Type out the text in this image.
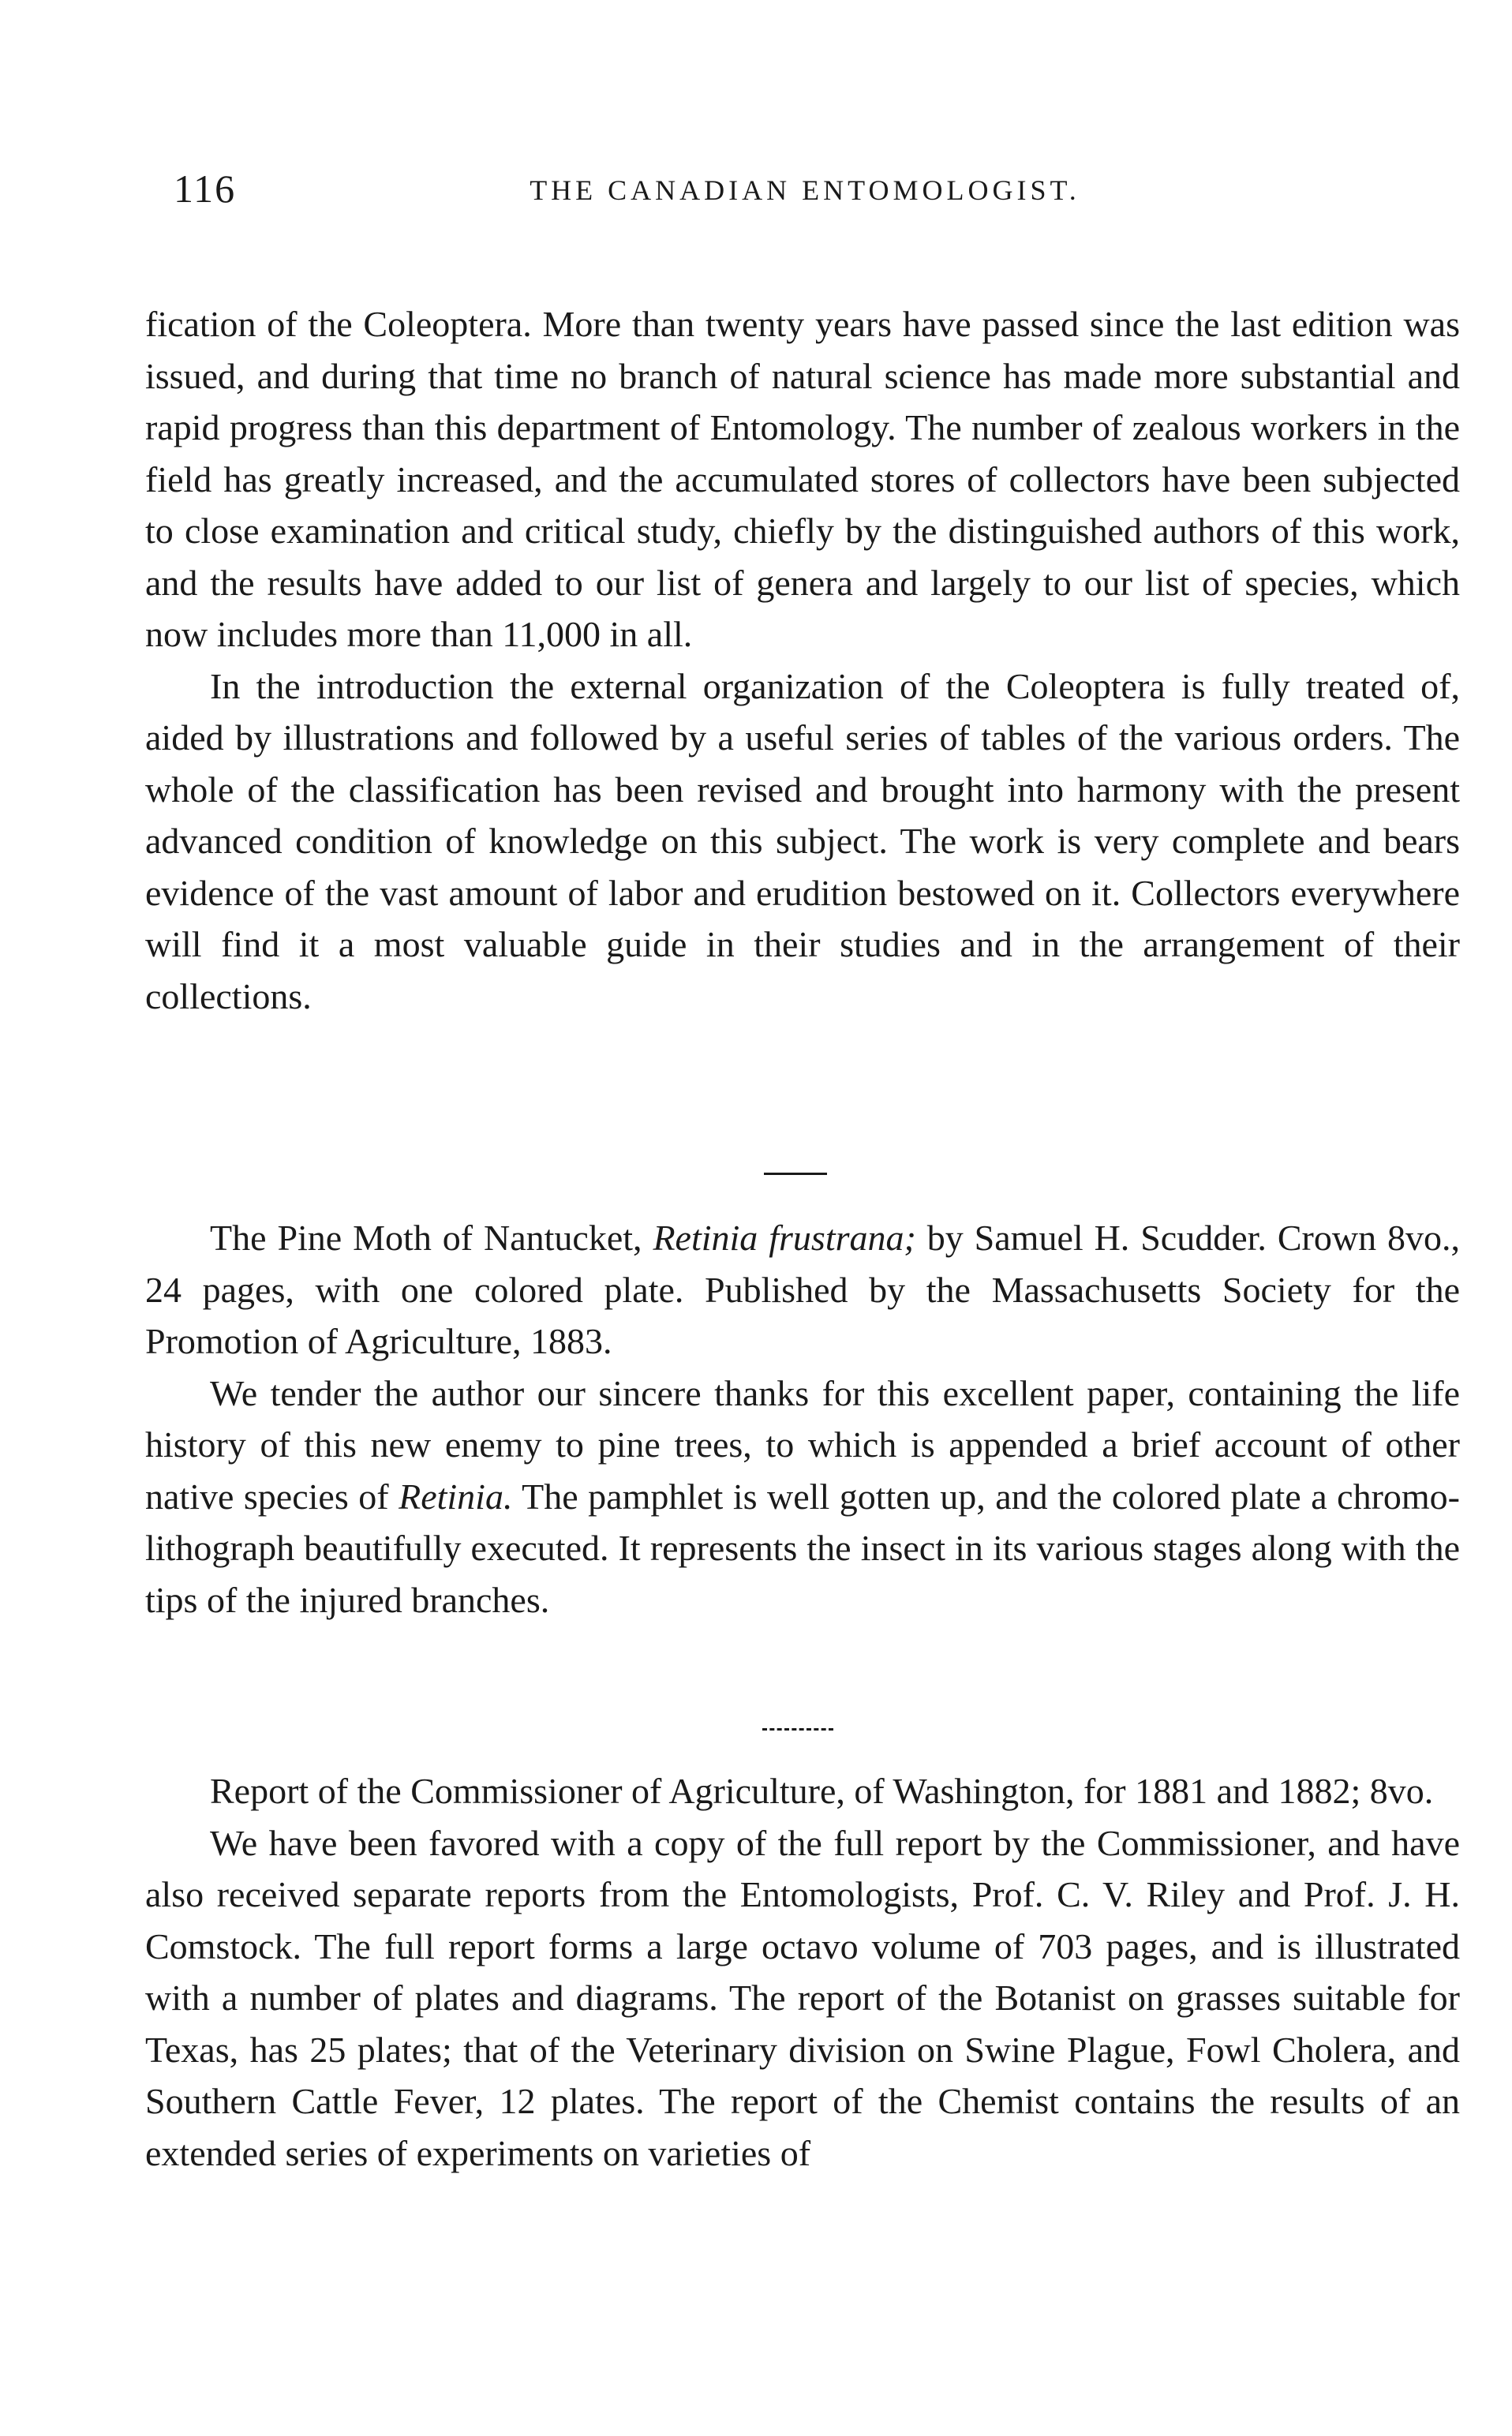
116	THE CANADIAN ENTOMOLOGIST.

fication of the Coleoptera. More than twenty years have passed since the last edition was issued, and during that time no branch of natural science has made more substantial and rapid progress than this department of Entomology. The number of zealous workers in the field has greatly increased, and the accumulated stores of collectors have been subjected to close examination and critical study, chiefly by the distinguished authors of this work, and the results have added to our list of genera and largely to our list of species, which now includes more than 11,000 in all.

In the introduction the external organization of the Coleoptera is fully treated of, aided by illustrations and followed by a useful series of tables of the various orders. The whole of the classification has been revised and brought into harmony with the present advanced condition of knowledge on this subject. The work is very complete and bears evidence of the vast amount of labor and erudition bestowed on it. Collectors everywhere will find it a most valuable guide in their studies and in the arrangement of their collections.

The Pine Moth of Nantucket, Retinia frustrana; by Samuel H. Scudder. Crown 8vo., 24 pages, with one colored plate. Published by the Massachusetts Society for the Promotion of Agriculture, 1883.

We tender the author our sincere thanks for this excellent paper, containing the life history of this new enemy to pine trees, to which is appended a brief account of other native species of Retinia. The pamphlet is well gotten up, and the colored plate a chromo-lithograph beautifully executed. It represents the insect in its various stages along with the tips of the injured branches.

Report of the Commissioner of Agriculture, of Washington, for 1881 and 1882; 8vo.

We have been favored with a copy of the full report by the Commissioner, and have also received separate reports from the Entomologists, Prof. C. V. Riley and Prof. J. H. Comstock. The full report forms a large octavo volume of 703 pages, and is illustrated with a number of plates and diagrams. The report of the Botanist on grasses suitable for Texas, has 25 plates; that of the Veterinary division on Swine Plague, Fowl Cholera, and Southern Cattle Fever, 12 plates. The report of the Chemist contains the results of an extended series of experiments on varieties of
